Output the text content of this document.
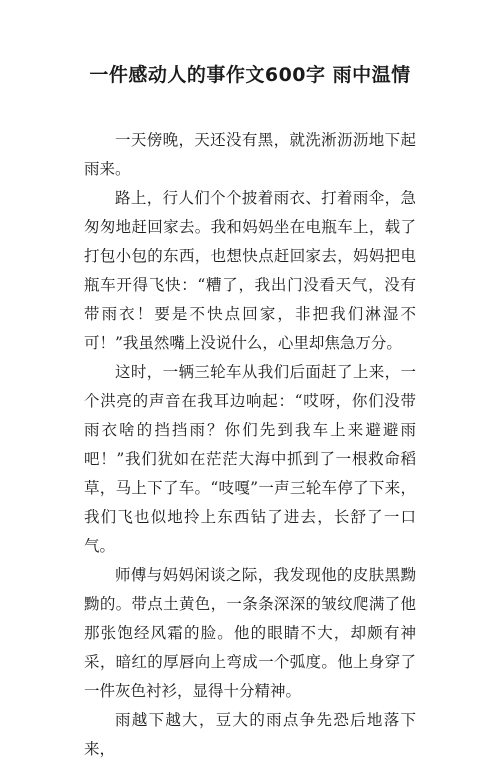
一件感动人的事作文600字 雨中温情

一天傍晚，天还没有黑，就洗淅沥沥地下起雨来。

路上，行人们个个披着雨衣、打着雨伞，急匆匆地赶回家去。我和妈妈坐在电瓶车上，载了打包小包的东西，也想快点赶回家去，妈妈把电瓶车开得飞快：“糟了，我出门没看天气，没有带雨衣！要是不快点回家，非把我们淋湿不可！”我虽然嘴上没说什么，心里却焦急万分。

这时，一辆三轮车从我们后面赶了上来，一个洪亮的声音在我耳边响起：“哎呀，你们没带雨衣啥的挡挡雨？你们先到我车上来避避雨吧！”我们犹如在茫茫大海中抓到了一根救命稻草，马上下了车。“吱嘎”一声三轮车停了下来，我们飞也似地拎上东西钻了进去，长舒了一口气。

师傅与妈妈闲谈之际，我发现他的皮肤黑黝黝的。带点土黄色，一条条深深的皱纹爬满了他那张饱经风霜的脸。他的眼睛不大，却颇有神采，暗红的厚唇向上弯成一个弧度。他上身穿了一件灰色衬衫，显得十分精神。

雨越下越大，豆大的雨点争先恐后地落下来，
